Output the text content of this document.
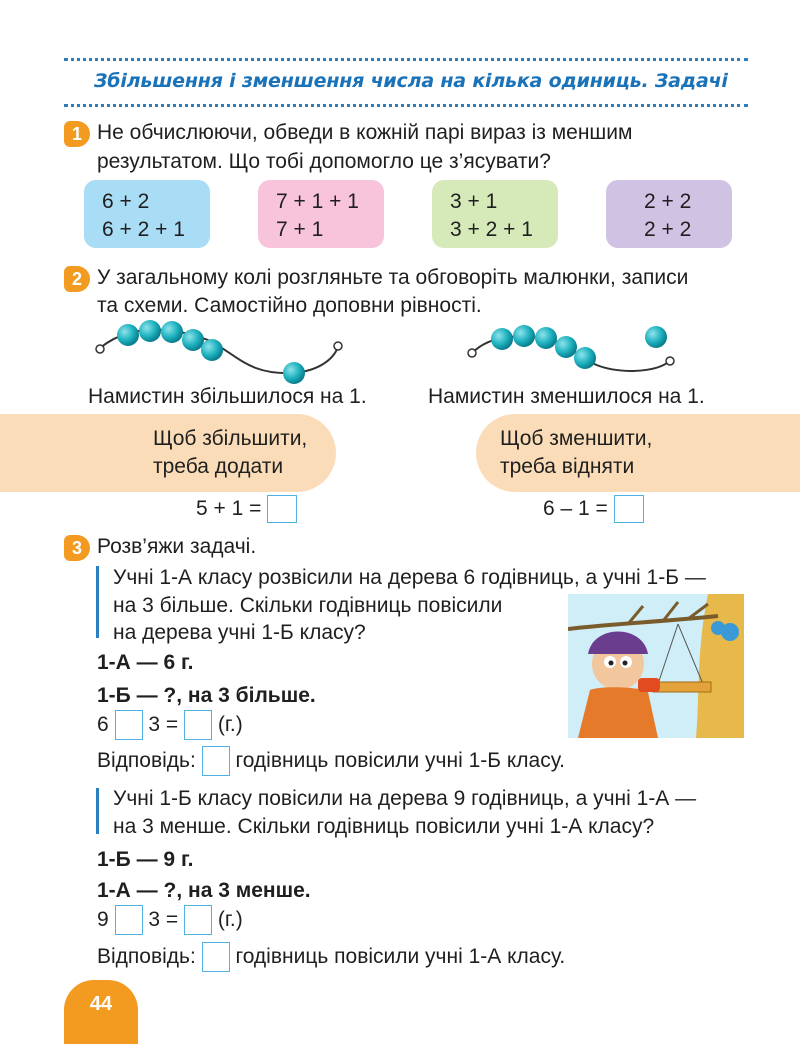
Збільшення і зменшення числа на кілька одиниць. Задачі
1 Не обчислюючи, обведи в кожній парі вираз із меншим
результатом. Що тобі допомогло це з’ясувати?
6 + 2
6 + 2 + 1
7 + 1 + 1
7 + 1
3 + 1
3 + 2 + 1
2 + 2
2 + 2
2 У загальному колі розгляньте та обговоріть малюнки, записи
та схеми. Самостійно доповни рівності.
Намистин збільшилося на 1.	Намистин зменшилося на 1.
Щоб збільшити,
треба додати
Щоб зменшити,
треба відняти
5 + 1 =	6 – 1 =
3 Розв’яжи задачі.
Учні 1-А класу розвісили на дерева 6 годівниць, а учні 1-Б —
на 3 більше. Скільки годівниць повісили
на дерева учні 1-Б класу?
1-А — 6 г.
1-Б — ?, на 3 більше.
6 3 = (г.)
Відповідь: годівниць повісили учні 1-Б класу.
Учні 1-Б класу повісили на дерева 9 годівниць, а учні 1-А —
на 3 менше. Скільки годівниць повісили учні 1-А класу?
1-Б — 9 г.
1-А — ?, на 3 менше.
9 3 = (г.)
Відповідь: годівниць повісили учні 1-А класу.
44
